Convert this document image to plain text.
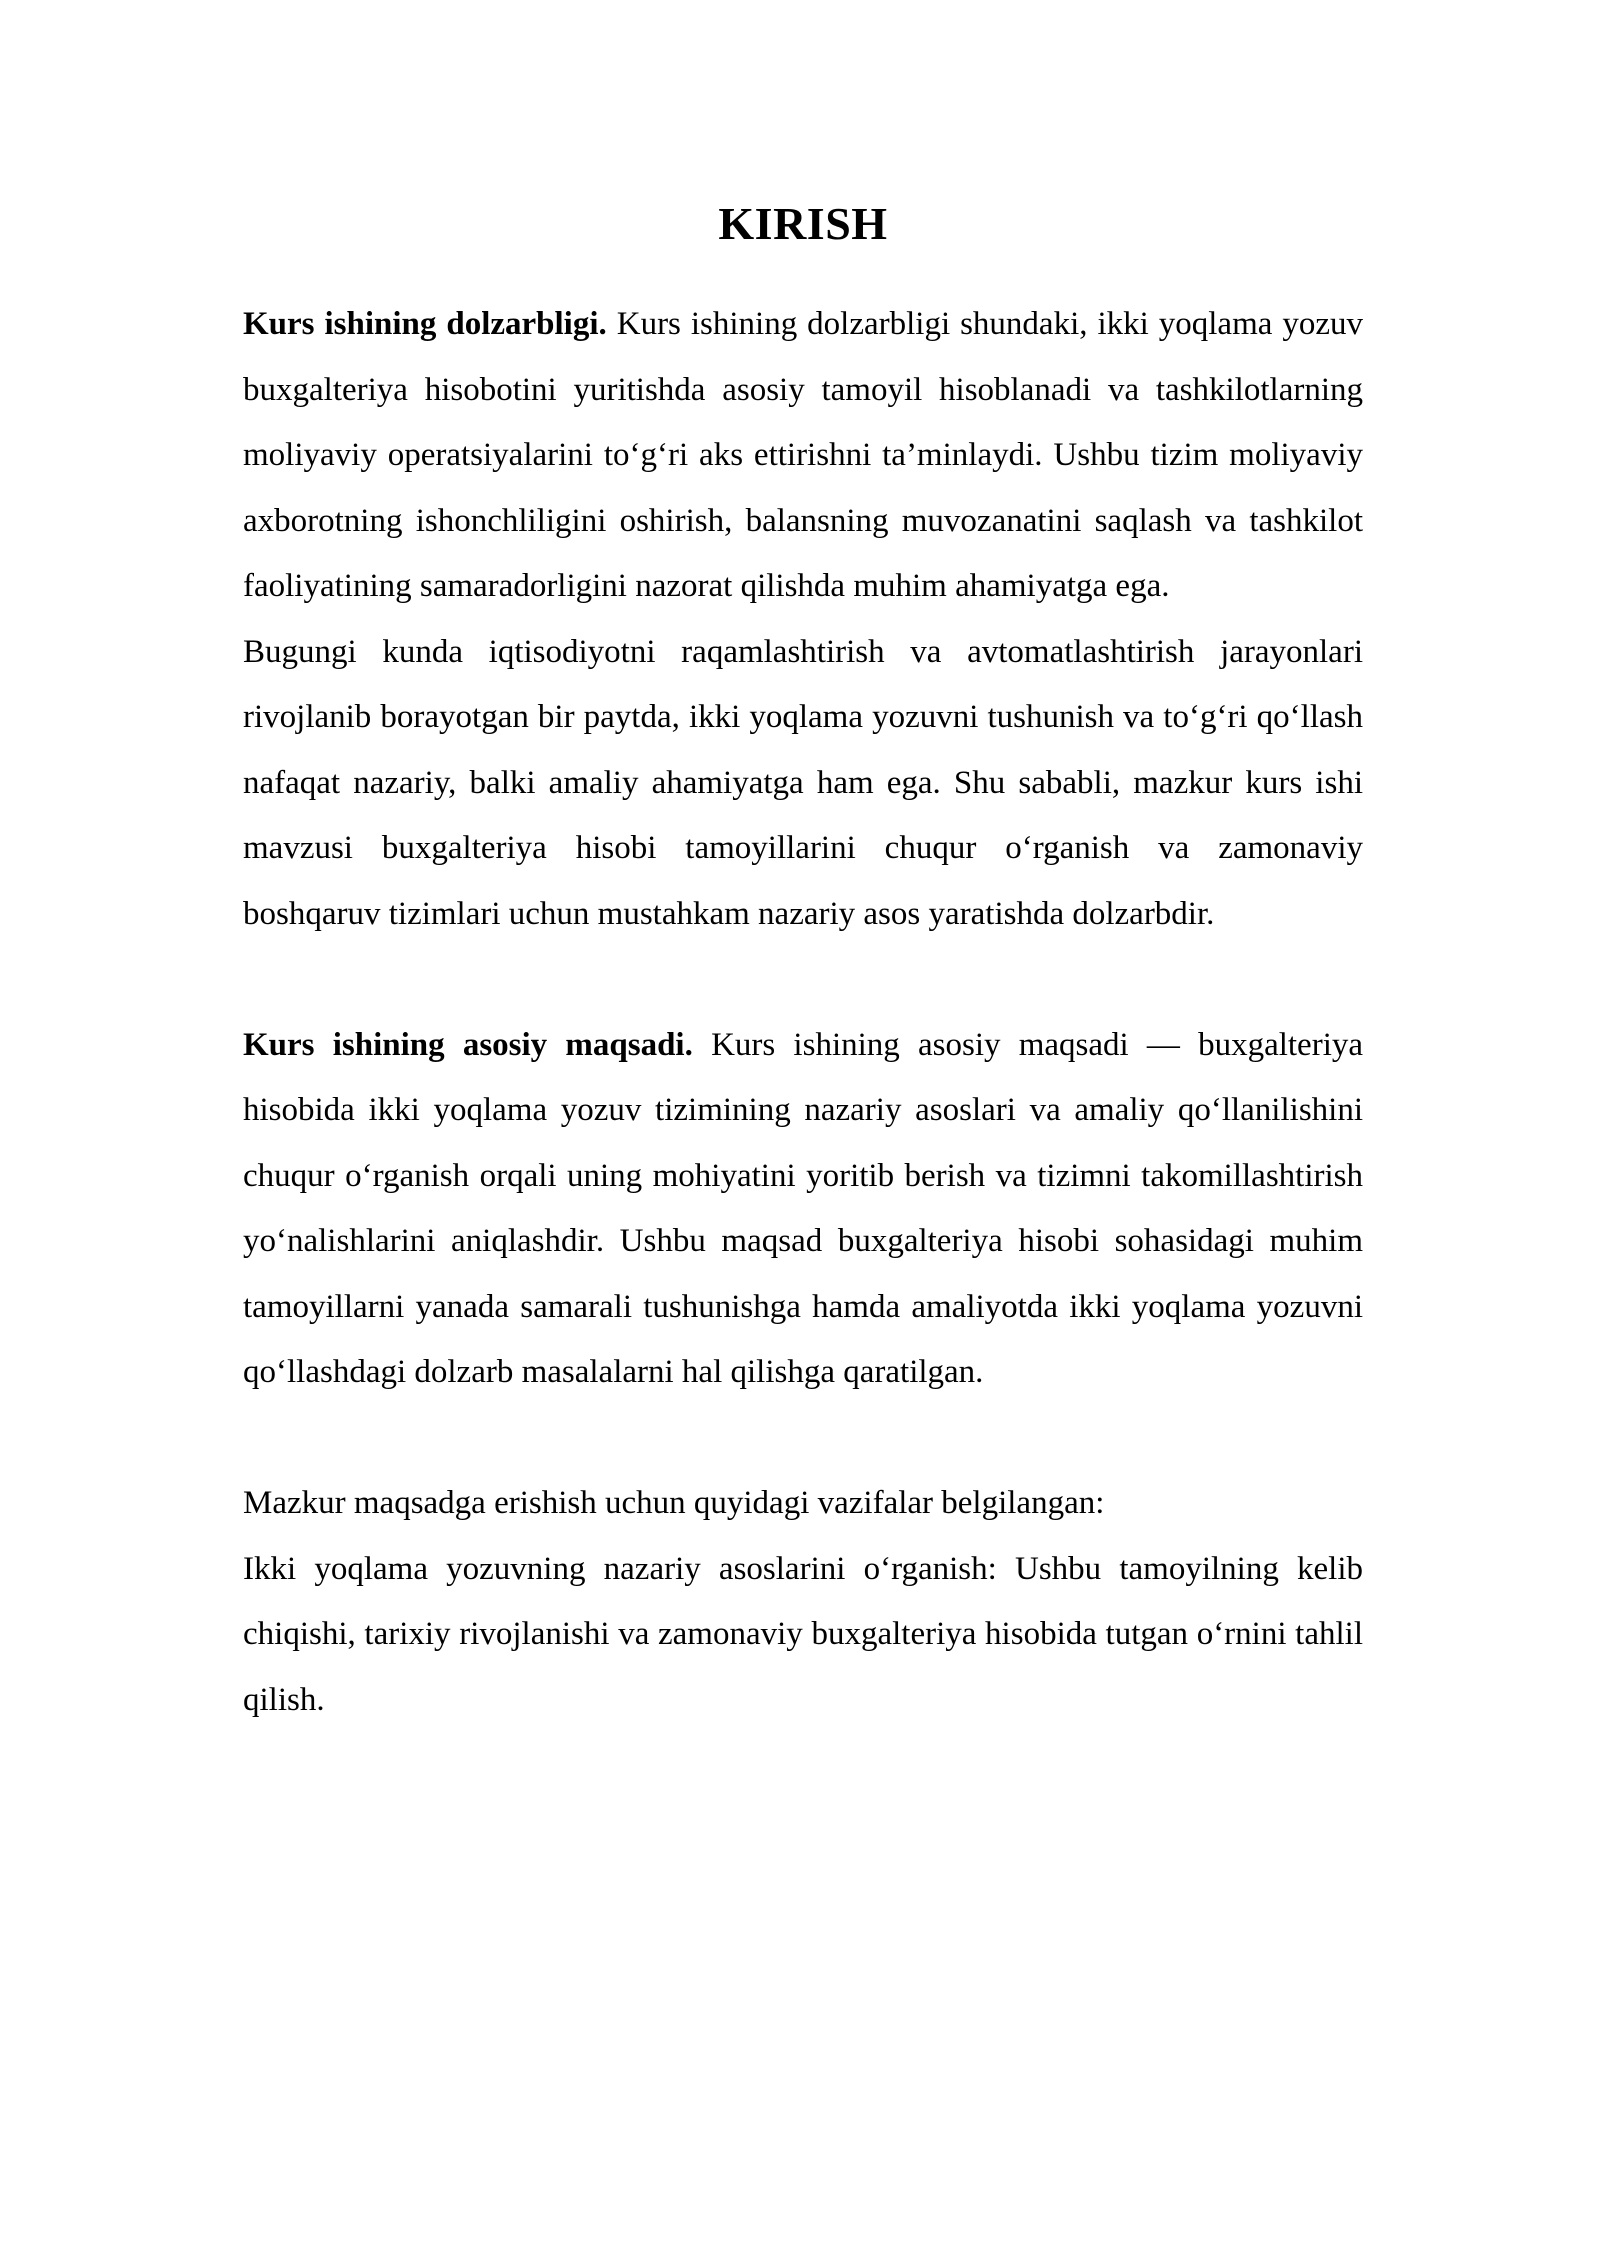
KIRISH

Kurs ishining dolzarbligi. Kurs ishining dolzarbligi shundaki, ikki yoqlama yozuv buxgalteriya hisobotini yuritishda asosiy tamoyil hisoblanadi va tashkilotlarning moliyaviy operatsiyalarini to‘g‘ri aks ettirishni ta’minlaydi. Ushbu tizim moliyaviy axborotning ishonchliligini oshirish, balansning muvozanatini saqlash va tashkilot faoliyatining samaradorligini nazorat qilishda muhim ahamiyatga ega.

Bugungi kunda iqtisodiyotni raqamlashtirish va avtomatlashtirish jarayonlari rivojlanib borayotgan bir paytda, ikki yoqlama yozuvni tushunish va to‘g‘ri qo‘llash nafaqat nazariy, balki amaliy ahamiyatga ham ega. Shu sababli, mazkur kurs ishi mavzusi buxgalteriya hisobi tamoyillarini chuqur o‘rganish va zamonaviy boshqaruv tizimlari uchun mustahkam nazariy asos yaratishda dolzarbdir.

Kurs ishining asosiy maqsadi. Kurs ishining asosiy maqsadi — buxgalteriya hisobida ikki yoqlama yozuv tizimining nazariy asoslari va amaliy qo‘llanilishini chuqur o‘rganish orqali uning mohiyatini yoritib berish va tizimni takomillashtirish yo‘nalishlarini aniqlashdir. Ushbu maqsad buxgalteriya hisobi sohasidagi muhim tamoyillarni yanada samarali tushunishga hamda amaliyotda ikki yoqlama yozuvni qo‘llashdagi dolzarb masalalarni hal qilishga qaratilgan.

Mazkur maqsadga erishish uchun quyidagi vazifalar belgilangan:

Ikki yoqlama yozuvning nazariy asoslarini o‘rganish: Ushbu tamoyilning kelib chiqishi, tarixiy rivojlanishi va zamonaviy buxgalteriya hisobida tutgan o‘rnini tahlil qilish.
